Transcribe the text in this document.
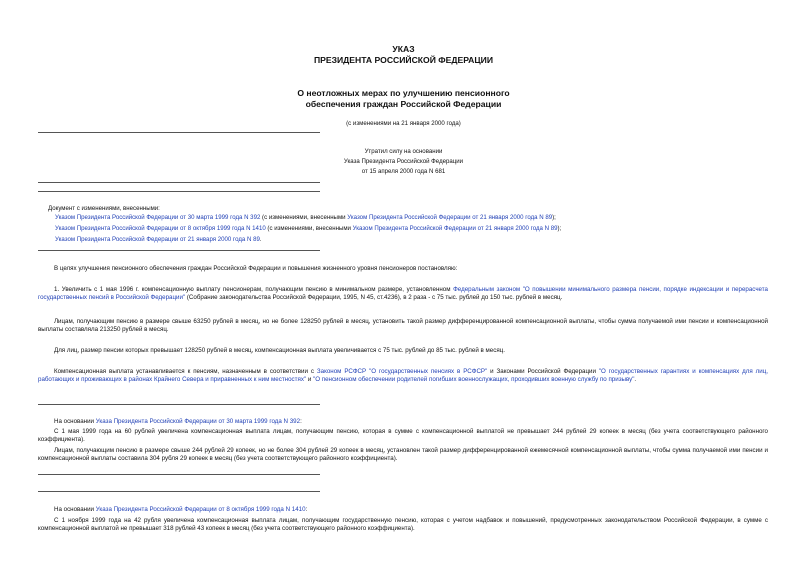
УКАЗ
ПРЕЗИДЕНТА РОССИЙСКОЙ ФЕДЕРАЦИИ
О неотложных мерах по улучшению пенсионного
обеспечения граждан Российской Федерации
(с изменениями на 21 января 2000 года)
Утратил силу на основании
Указа Президента Российской Федерации
от 15 апреля 2000 года N 681
Документ с изменениями, внесенными:
Указом Президента Российской Федерации от 30 марта 1999 года N 392 (с изменениями, внесенными Указом Президента Российской Федерации от 21 января 2000 года N 89);
Указом Президента Российской Федерации от 8 октября 1999 года N 1410 (с изменениями, внесенными Указом Президента Российской Федерации от 21 января 2000 года N 89);
Указом Президента Российской Федерации от 21 января 2000 года N 89.
В целях улучшения пенсионного обеспечения граждан Российской Федерации и повышения жизненного уровня пенсионеров постановляю:
1. Увеличить с 1 мая 1996 г. компенсационную выплату пенсионерам, получающим пенсию в минимальном размере, установленном Федеральным законом "О повышении минимального размера пенсии, порядке индексации и перерасчета государственных пенсий в Российской Федерации" (Собрание законодательства Российской Федерации, 1995, N 45, ст.4236), в 2 раза - с 75 тыс. рублей до 150 тыс. рублей в месяц.
Лицам, получающим пенсию в размере свыше 63250 рублей в месяц, но не более 128250 рублей в месяц, установить такой размер дифференцированной компенсационной выплаты, чтобы сумма получаемой ими пенсии и компенсационной выплаты составляла 213250 рублей в месяц.
Для лиц, размер пенсии которых превышает 128250 рублей в месяц, компенсационная выплата увеличивается с 75 тыс. рублей до 85 тыс. рублей в месяц.
Компенсационная выплата устанавливается к пенсиям, назначенным в соответствии с Законом РСФСР "О государственных пенсиях в РСФСР" и Законами Российской Федерации "О государственных гарантиях и компенсациях для лиц, работающих и проживающих в районах Крайнего Севера и приравненных к ним местностях" и "О пенсионном обеспечении родителей погибших военнослужащих, проходивших военную службу по призыву".
На основании Указа Президента Российской Федерации от 30 марта 1999 года N 392:
С 1 мая 1999 года на 60 рублей увеличена компенсационная выплата лицам, получающим пенсию, которая в сумме с компенсационной выплатой не превышает 244 рублей 29 копеек в месяц (без учета соответствующего районного коэффициента).
Лицам, получающим пенсию в размере свыше 244 рублей 29 копеек, но не более 304 рублей 29 копеек в месяц, установлен такой размер дифференцированной ежемесячной компенсационной выплаты, чтобы сумма получаемой ими пенсии и компенсационной выплаты составила 304 рубля 29 копеек в месяц (без учета соответствующего районного коэффициента).
На основании Указа Президента Российской Федерации от 8 октября 1999 года N 1410:
С 1 ноября 1999 года на 42 рубля увеличена компенсационная выплата лицам, получающим государственную пенсию, которая с учетом надбавок и повышений, предусмотренных законодательством Российской Федерации, в сумме с компенсационной выплатой не превышает 318 рублей 43 копеек в месяц (без учета соответствующего районного коэффициента).
